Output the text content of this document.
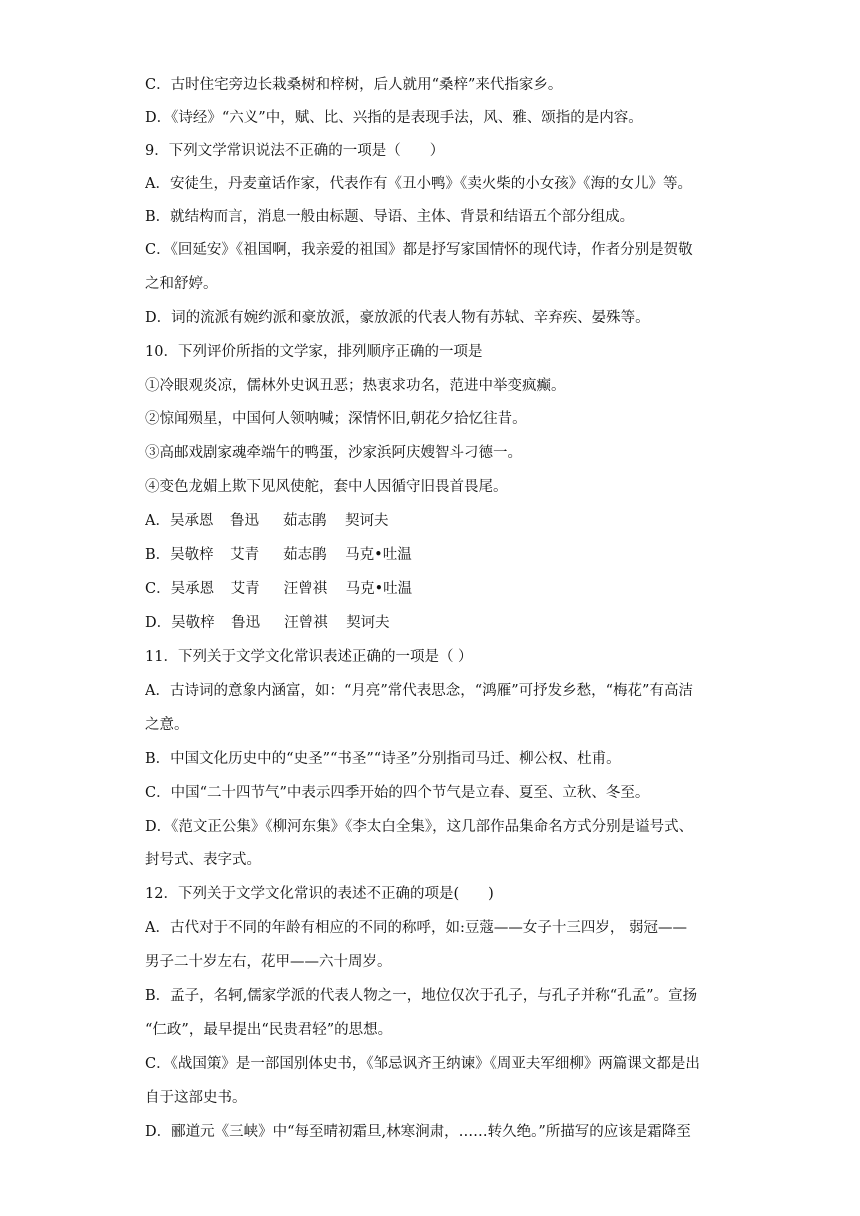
C．古时住宅旁边长栽桑树和梓树，后人就用“桑梓”来代指家乡。
D．《诗经》“六义”中，赋、比、兴指的是表现手法，风、雅、颂指的是内容。
9．下列文学常识说法不正确的一项是（　　）
A．安徒生，丹麦童话作家，代表作有《丑小鸭》《卖火柴的小女孩》《海的女儿》等。
B．就结构而言，消息一般由标题、导语、主体、背景和结语五个部分组成。
C．《回延安》《祖国啊，我亲爱的祖国》都是抒写家国情怀的现代诗，作者分别是贺敬
之和舒婷。
D．词的流派有婉约派和豪放派，豪放派的代表人物有苏轼、辛弃疾、晏殊等。
10．下列评价所指的文学家，排列顺序正确的一项是
①冷眼观炎凉，儒林外史讽丑恶；热衷求功名，范进中举变疯癫。
②惊闻殒星，中国何人领呐喊；深情怀旧,朝花夕拾忆往昔。
③高邮戏剧家魂牵端午的鸭蛋，沙家浜阿庆嫂智斗刁德一。
④变色龙媚上欺下见风使舵，套中人因循守旧畏首畏尾。
A．吴承恩 鲁迅 茹志鹃 契诃夫
B．吴敬梓 艾青 茹志鹃 马克•吐温
C．吴承恩 艾青 汪曾祺 马克•吐温
D．吴敬梓 鲁迅 汪曾祺 契诃夫
11．下列关于文学文化常识表述正确的一项是（ ）
A．古诗词的意象内涵富，如：“月亮”常代表思念，“鸿雁”可抒发乡愁，“梅花”有高洁
之意。
B．中国文化历史中的“史圣”“书圣”“诗圣”分别指司马迁、柳公权、杜甫。
C．中国“二十四节气”中表示四季开始的四个节气是立春、夏至、立秋、冬至。
D．《范文正公集》《柳河东集》《李太白全集》，这几部作品集命名方式分别是谥号式、
封号式、表字式。
12．下列关于文学文化常识的表述不正确的项是(　　)
A．古代对于不同的年龄有相应的不同的称呼，如:豆蔻——女子十三四岁， 弱冠——
男子二十岁左右，花甲——六十周岁。
B．孟子，名轲,儒家学派的代表人物之一，地位仅次于孔子，与孔子并称“孔孟”。宣扬
“仁政”，最早提出“民贵君轻”的思想。
C．《战国策》是一部国别体史书，《邹忌讽齐王纳谏》《周亚夫军细柳》两篇课文都是出
自于这部史书。
D．郦道元《三峡》中“每至晴初霜旦,林寒涧肃，……转久绝。”所描写的应该是霜降至
